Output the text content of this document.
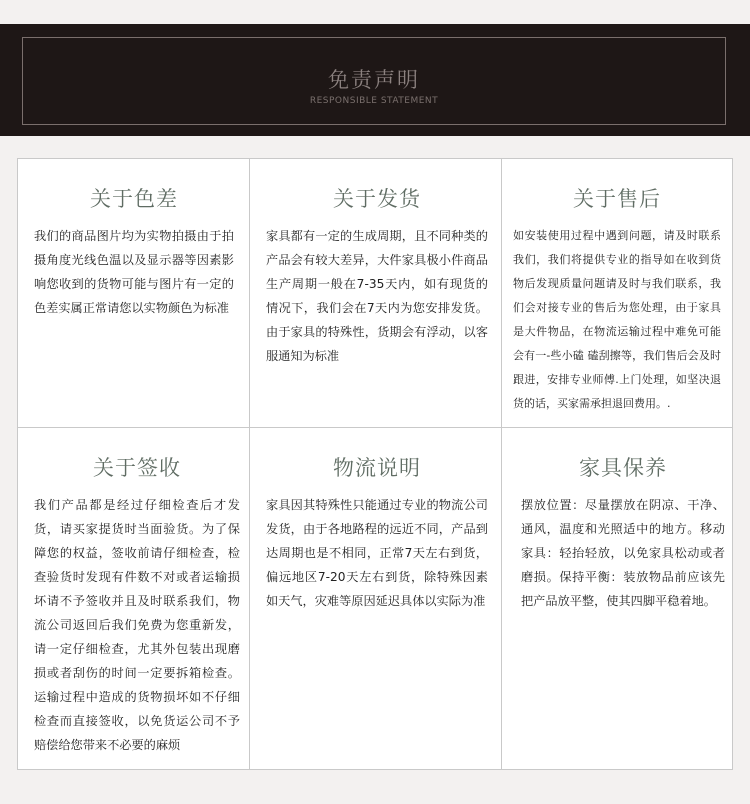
免责声明
RESPONSIBLE STATEMENT
关于色差
我们的商品图片均为实物拍摄由于拍摄角度光线色温以及显示器等因素影响您收到的货物可能与图片有一定的色差实属正常请您以实物颜色为标准
关于发货
家具都有一定的生成周期，且不同种类的产品会有较大差异，大件家具极小件商品生产周期一般在7-35天内，如有现货的情况下，我们会在7天内为您安排发货。由于家具的特殊性，货期会有浮动，以客服通知为标准
关于售后
如安装使用过程中遇到问题，请及时联系我们，我们将提供专业的指导如在收到货物后发现质量问题请及时与我们联系，我们会对接专业的售后为您处理，由于家具是大件物品，在物流运输过程中难免可能会有一-些小磕 磕刮擦等，我们售后会及时跟进，安排专业师傅.上门处理，如坚决退货的话，买家需承担退回费用。.
关于签收
我们产品都是经过仔细检查后才发货，请买家提货时当面验货。为了保障您的权益，签收前请仔细检查，检查验货时发现有件数不对或者运输损坏请不予签收并且及时联系我们，物流公司返回后我们免费为您重新发，请一定仔细检查，尤其外包装出现磨损或者刮伤的时间一定要拆箱检查。运输过程中造成的货物损坏如不仔细检查而直接签收，以免货运公司不予赔偿给您带来不必要的麻烦
物流说明
家具因其特殊性只能通过专业的物流公司发货，由于各地路程的远近不同，产品到达周期也是不相同，正常7天左右到货，偏远地区7-20天左右到货，除特殊因素如天气，灾难等原因延迟具体以实际为准
家具保养
摆放位置：尽量摆放在阴凉、干净、通风，温度和光照适中的地方。移动家具：轻抬轻放，以免家具松动或者磨损。保持平衡：装放物品前应该先把产品放平整，使其四脚平稳着地。
